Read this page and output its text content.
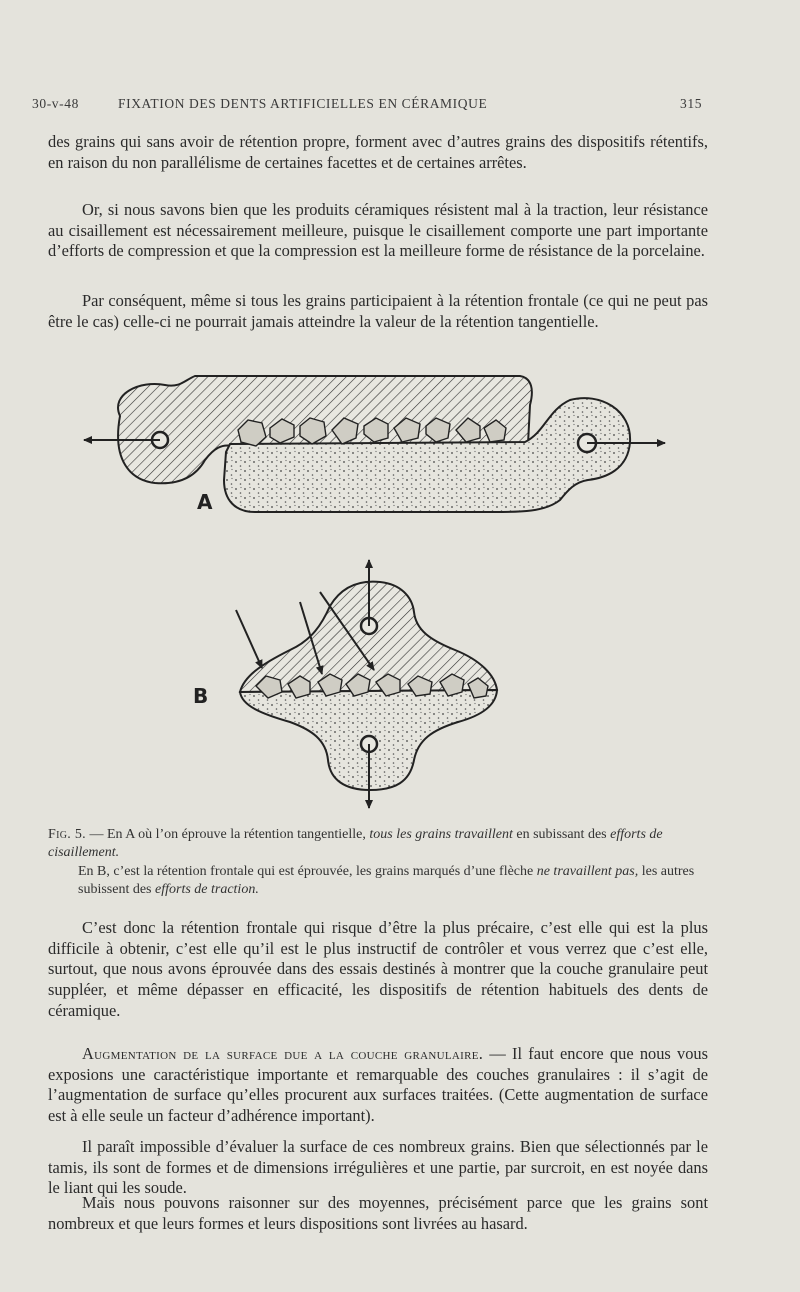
30-v-48	FIXATION DES DENTS ARTIFICIELLES EN CÉRAMIQUE	315

des grains qui sans avoir de rétention propre, forment avec d’autres grains des dispositifs rétentifs, en raison du non parallélisme de certaines facettes et de certaines arrêtes.

Or, si nous savons bien que les produits céramiques résistent mal à la traction, leur résistance au cisaillement est nécessairement meilleure, puisque le cisaillement comporte une part importante d’efforts de compression et que la compression est la meilleure forme de résistance de la porcelaine.

Par conséquent, même si tous les grains participaient à la rétention frontale (ce qui ne peut pas être le cas) celle-ci ne pourrait jamais atteindre la valeur de la rétention tangentielle.

A
B
Fig. 5. — En A où l’on éprouve la rétention tangentielle, tous les grains travaillent en subissant des efforts de cisaillement.
En B, c’est la rétention frontale qui est éprouvée, les grains marqués d’une flèche ne travaillent pas, les autres subissent des efforts de traction.

C’est donc la rétention frontale qui risque d’être la plus précaire, c’est elle qui est la plus difficile à obtenir, c’est elle qu’il est le plus instructif de contrôler et vous verrez que c’est elle, surtout, que nous avons éprouvée dans des essais destinés à montrer que la couche granulaire peut suppléer, et même dépasser en efficacité, les dispositifs de rétention habituels des dents de céramique.

Augmentation de la surface due a la couche granulaire. — Il faut encore que nous vous exposions une caractéristique importante et remarquable des couches granulaires : il s’agit de l’augmentation de surface qu’elles procurent aux surfaces traitées. (Cette augmentation de surface est à elle seule un facteur d’adhérence important).

Il paraît impossible d’évaluer la surface de ces nombreux grains. Bien que sélectionnés par le tamis, ils sont de formes et de dimensions irrégulières et une partie, par surcroit, en est noyée dans le liant qui les soude.

Mais nous pouvons raisonner sur des moyennes, précisément parce que les grains sont nombreux et que leurs formes et leurs dispositions sont livrées au hasard.
